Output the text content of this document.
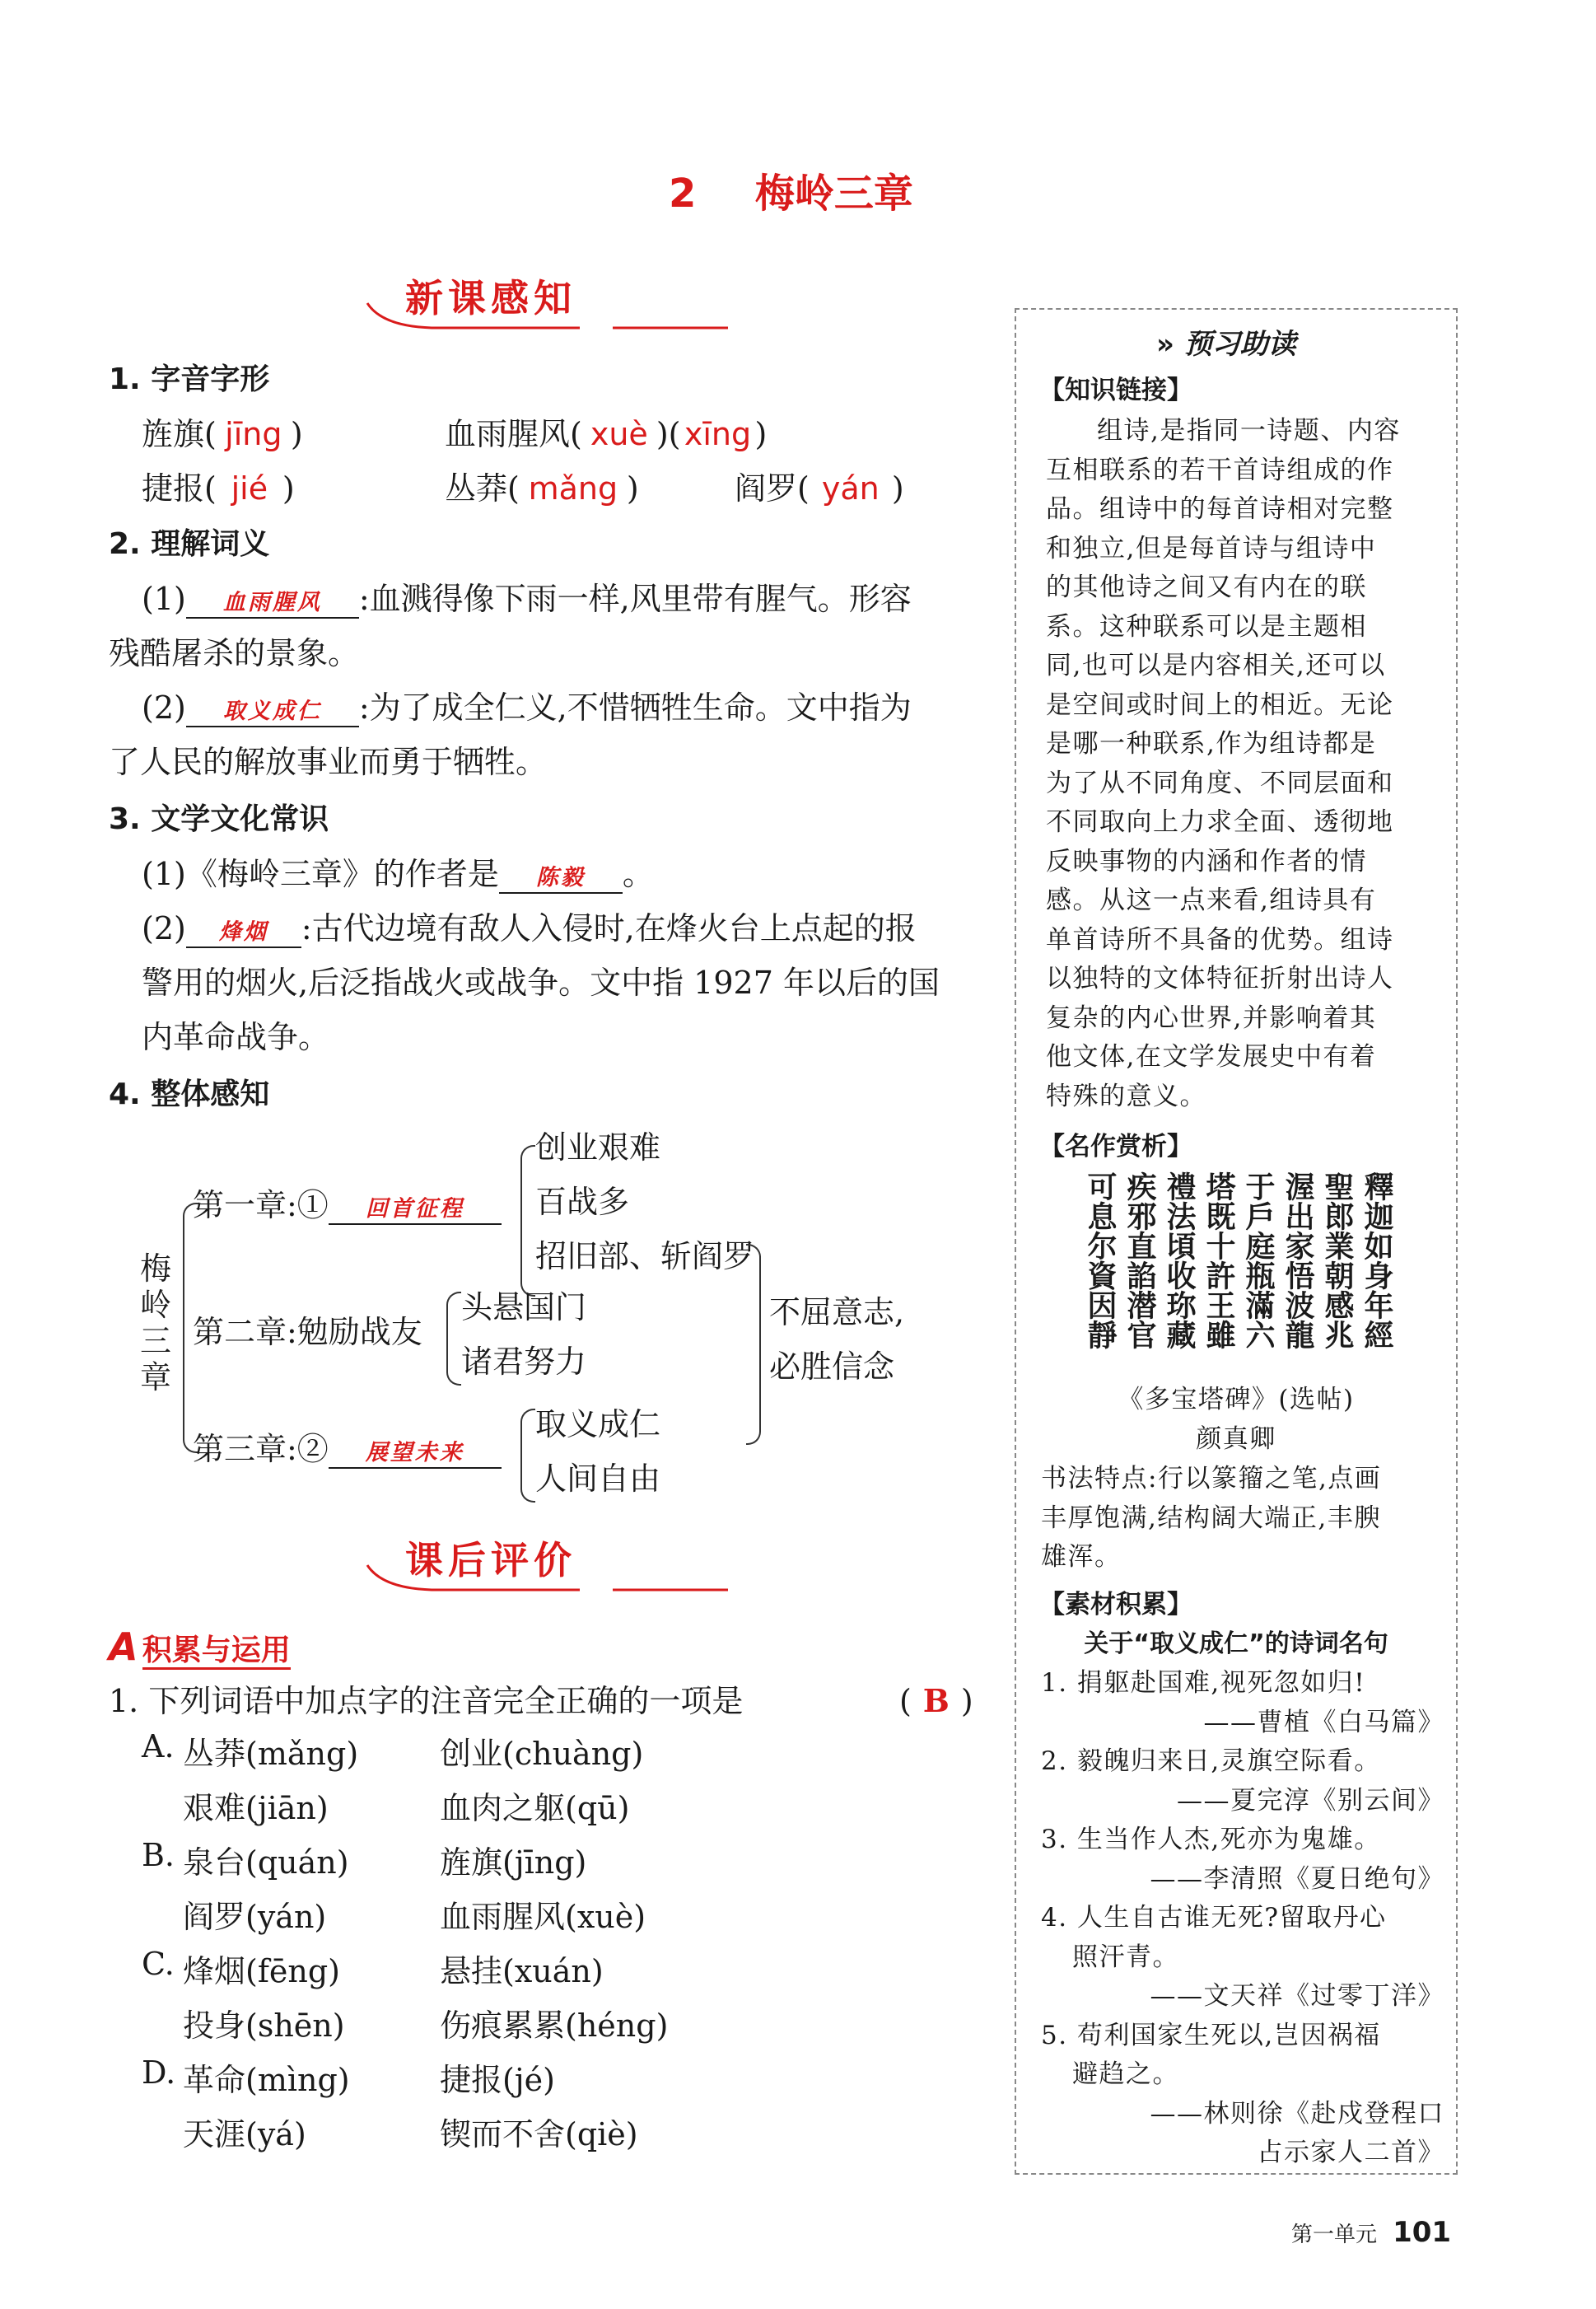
2 梅岭三章
新课感知
1. 字音字形
旌旗( jīng )	血雨腥风( xuè )( xīng )
捷报( jié )	丛莽( mǎng )	阎罗( yán )
2. 理解词义
(1) 血雨腥风 :血溅得像下雨一样,风里带有腥气。形容
残酷屠杀的景象。
(2) 取义成仁 :为了成全仁义,不惜牺牲生命。文中指为
了人民的解放事业而勇于牺牲。
3. 文学文化常识
(1)《梅岭三章》的作者是 陈毅 。
(2) 烽烟 :古代边境有敌人入侵时,在烽火台上点起的报
警用的烟火,后泛指战火或战争。文中指 1927 年以后的国
内革命战争。
4. 整体感知
梅岭三章
第一章:① 回首征程
创业艰难
百战多
招旧部、斩阎罗
第二章:勉励战友
头悬国门
诸君努力
第三章:② 展望未来
取义成仁
人间自由
不屈意志,
必胜信念
课后评价
A 积累与运用
1. 下列词语中加点字的注音完全正确的一项是	( B )
A. 丛莽(mǎng)	创业(chuàng)
艰难(jiān)	血肉之躯(qū)
B. 泉台(quán)	旌旗(jīng)
阎罗(yán)	血雨腥风(xuè)
C. 烽烟(fēng)	悬挂(xuán)
投身(shēn)	伤痕累累(héng)
D. 革命(mìng)	捷报(jé)
天涯(yá)	锲而不舍(qiè)
» 预习助读
【知识链接】
组诗,是指同一诗题、内容
互相联系的若干首诗组成的作
品。组诗中的每首诗相对完整
和独立,但是每首诗与组诗中
的其他诗之间又有内在的联
系。这种联系可以是主题相
同,也可以是内容相关,还可以
是空间或时间上的相近。无论
是哪一种联系,作为组诗都是
为了从不同角度、不同层面和
不同取向上力求全面、透彻地
反映事物的内涵和作者的情
感。从这一点来看,组诗具有
单首诗所不具备的优势。组诗
以独特的文体特征折射出诗人
复杂的内心世界,并影响着其
他文体,在文学发展史中有着
特殊的意义。
【名作赏析】
可息尔資因靜 疾邪直諂潜官 禮法頃收珎藏 塔既十許王雖 于戶庭瓶滿六 渥出家悟波龍 聖郎業朝感兆 釋迦如身年經
《多宝塔碑》(选帖)
颜真卿
书法特点:行以篆籀之笔,点画
丰厚饱满,结构阔大端正,丰腴
雄浑。
【素材积累】
关于“取义成仁”的诗词名句
1. 捐躯赴国难,视死忽如归!
——曹植《白马篇》
2. 毅魄归来日,灵旗空际看。
——夏完淳《别云间》
3. 生当作人杰,死亦为鬼雄。
——李清照《夏日绝句》
4. 人生自古谁无死?留取丹心
照汗青。
——文天祥《过零丁洋》
5. 苟利国家生死以,岂因祸福
避趋之。
——林则徐《赴戍登程口
占示家人二首》
第一单元 101
